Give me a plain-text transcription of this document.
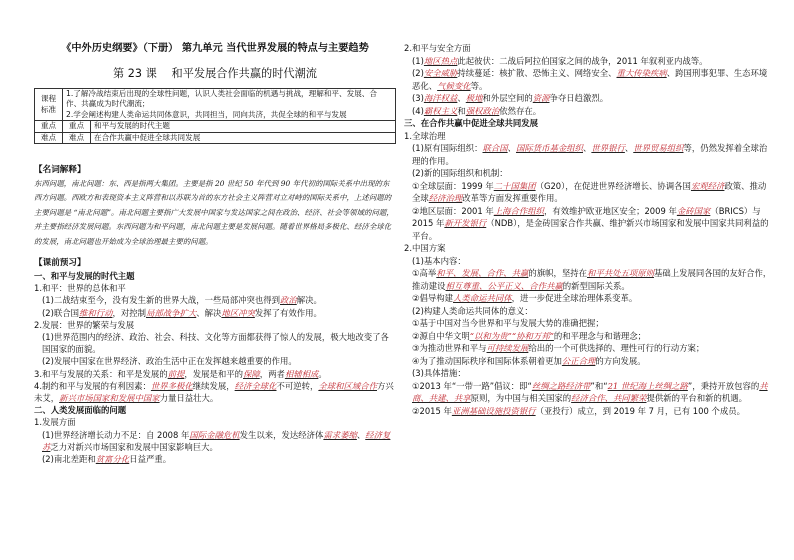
《中外历史纲要》（下册） 第九单元 当代世界发展的特点与主要趋势
第 23 课　 和平发展合作共赢的时代潮流
课程标准	1.了解冷战结束后出现的全球性问题，认识人类社会面临的机遇与挑战，理解和平、发展、合作、共赢成为时代潮流；
2.学会阐述构建人类命运共同体意识，共同担当，同向共济，共促全球的和平与发展	

重点	重点	和平与发展的时代主题
难点	难点	在合作共赢中促进全球共同发展
【名词解释】
东西问题，南北问题：东、西是指两大集团。主要是指 20 世纪 50 年代到 90 年代初的国际关系中出现的东西方问题。西欧方和表现资本主义阵营和以苏联为首的东方社会主义阵营对立对峙的国际关系中，上述问题的主要问题是 “南北问题”。南北问题主要指广大发展中国家与发达国家之间在政治、经济、社会等领域的问题，并主要指经济发展问题。东西问题为和平问题，南北问题主要是发展问题。随着世界格局多极化、经济全球化的发展，南北问题也开始成为全球治理最主要的问题。
【课前预习】
一、和平与发展的时代主题
1.和平：世界的总体和平
(1)二战结束至今，没有发生新的世界大战，一些局部冲突也得到政治解决。
(2)联合国维和行动，对控制局部战争扩大、解决地区冲突发挥了有效作用。
2.发展：世界的繁荣与发展
(1)世界范围内的经济、政治、社会、科技、文化等方面都获得了惊人的发展，极大地改变了各国国家的面貌。
(2)发展中国家在世界经济、政治生活中正在发挥越来越重要的作用。
3.和平与发展的关系：和平是发展的前提，发展是和平的保障，两者相辅相成。
4.制约和平与发展的有利因素：世界多极化继续发展，经济全球化不可逆转，全球和区域合作方兴未艾，新兴市场国家和发展中国家力量日益壮大。
二、人类发展面临的问题
1.发展方面
(1)世界经济增长动力不足：自 2008 年国际金融危机发生以来，发达经济体需求萎缩、经济复苏乏力对新兴市场国家和发展中国家影响巨大。
(2)南北差距和贫富分化日益严重。
2.和平与安全方面
(1)地区热点此起彼伏：二战后阿拉伯国家之间的战争，2011 年叙利亚内战等。
(2)安全威胁持续蔓延：核扩散、恐怖主义、网络安全、重大传染疾病、跨国刑事犯罪、生态环境恶化、气候变化等。
(3)海洋权益、极地和外层空间的资源争夺日趋激烈。
(4)霸权主义和强权政治依然存在。
三、在合作共赢中促进全球共同发展
1.全球治理
(1)原有国际组织：联合国、国际货币基金组织、世界银行、世界贸易组织等，仍然发挥着全球治理的作用。
(2)新的国际组织和机制：
①全球层面：1999 年二十国集团（G20），在促进世界经济增长、协调各国宏观经济政策、推动全球经济治理改革等方面发挥重要作用。
②地区层面：2001 年上海合作组织，有效维护欧亚地区安全；2009 年金砖国家（BRICS）与 2015 年新开发银行（NDB），是金砖国家合作共赢、维护新兴市场国家和发展中国家共同利益的平台。
2.中国方案
(1)基本内容：
①高举和平、发展、合作、共赢的旗帜，坚持在和平共处五项原则基础上发展同各国的友好合作，推动建设相互尊重、公平正义、合作共赢的新型国际关系。
②倡导构建人类命运共同体，进一步促进全球治理体系变革。
(2)构建人类命运共同体的意义：
①基于中国对当今世界和平与发展大势的准确把握；
②源自中华文明“以和为贵”“协和万邦”的和平理念与和谐理念；
③为推动世界和平与可持续发展给出的一个可供选择的、理性可行的行动方案；
④为了推动国际秩序和国际体系朝着更加公正合理的方向发展。
(3)具体措施：
①2013 年“一带一路”倡议：即“丝绸之路经济带”和“21 世纪海上丝绸之路”，秉持开放包容的共商、共建、共享原则，为中国与相关国家的经济合作、共同繁荣提供新的平台和新的机遇。
②2015 年亚洲基础设施投资银行（亚投行）成立，到 2019 年 7 月，已有 100 个成员。
